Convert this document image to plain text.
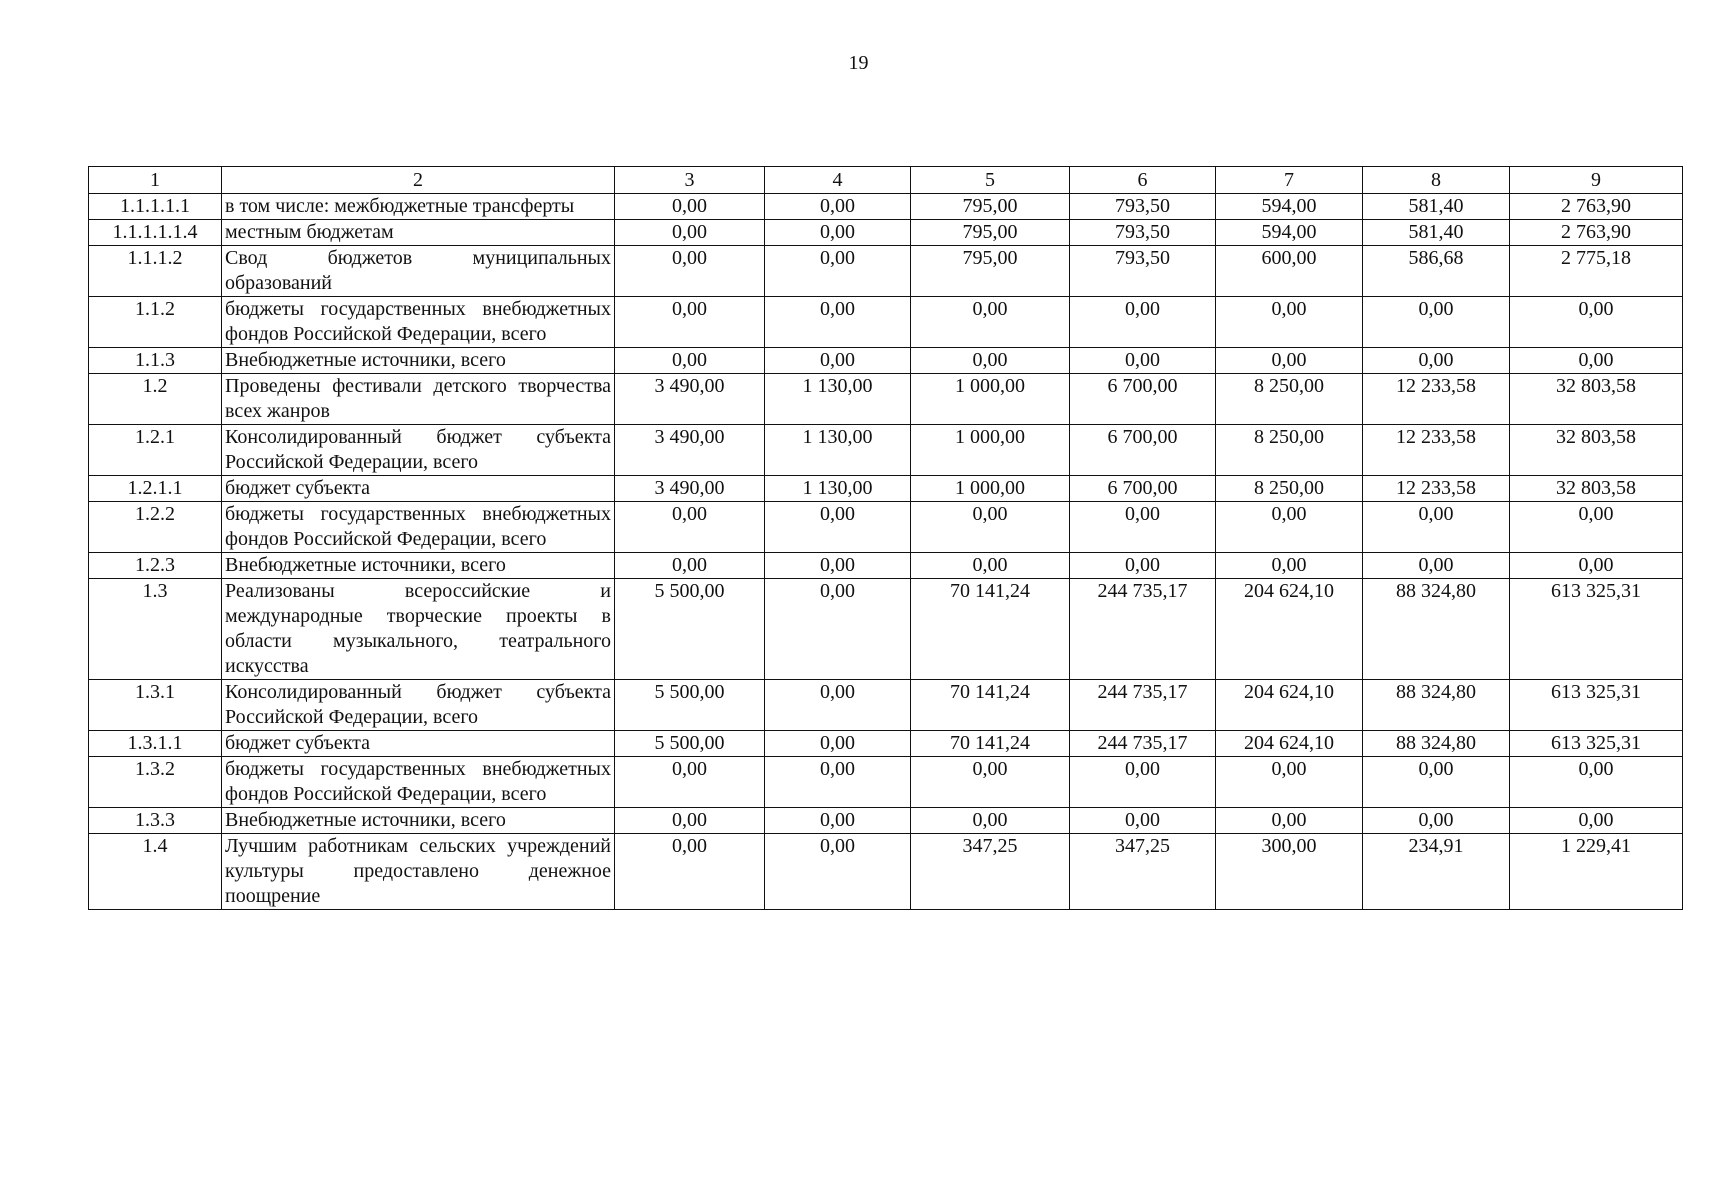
19
1	2	3	4	5	6	7	8	9
1.1.1.1.1	в том числе: межбюджетные трансферты	0,00	0,00	795,00	793,50	594,00	581,40	2 763,90
1.1.1.1.1.4	местным бюджетам	0,00	0,00	795,00	793,50	594,00	581,40	2 763,90
1.1.1.2	Свод бюджетов муниципальных образований	0,00	0,00	795,00	793,50	600,00	586,68	2 775,18
1.1.2	бюджеты государственных внебюджетных фондов Российской Федерации, всего	0,00	0,00	0,00	0,00	0,00	0,00	0,00
1.1.3	Внебюджетные источники, всего	0,00	0,00	0,00	0,00	0,00	0,00	0,00
1.2	Проведены фестивали детского творчества всех жанров	3 490,00	1 130,00	1 000,00	6 700,00	8 250,00	12 233,58	32 803,58
1.2.1	Консолидированный бюджет субъекта Российской Федерации, всего	3 490,00	1 130,00	1 000,00	6 700,00	8 250,00	12 233,58	32 803,58
1.2.1.1	бюджет субъекта	3 490,00	1 130,00	1 000,00	6 700,00	8 250,00	12 233,58	32 803,58
1.2.2	бюджеты государственных внебюджетных фондов Российской Федерации, всего	0,00	0,00	0,00	0,00	0,00	0,00	0,00
1.2.3	Внебюджетные источники, всего	0,00	0,00	0,00	0,00	0,00	0,00	0,00
1.3	Реализованы всероссийские и международные творческие проекты в области музыкального, театрального искусства	5 500,00	0,00	70 141,24	244 735,17	204 624,10	88 324,80	613 325,31
1.3.1	Консолидированный бюджет субъекта Российской Федерации, всего	5 500,00	0,00	70 141,24	244 735,17	204 624,10	88 324,80	613 325,31
1.3.1.1	бюджет субъекта	5 500,00	0,00	70 141,24	244 735,17	204 624,10	88 324,80	613 325,31
1.3.2	бюджеты государственных внебюджетных фондов Российской Федерации, всего	0,00	0,00	0,00	0,00	0,00	0,00	0,00
1.3.3	Внебюджетные источники, всего	0,00	0,00	0,00	0,00	0,00	0,00	0,00
1.4	Лучшим работникам сельских учреждений культуры предоставлено денежное поощрение	0,00	0,00	347,25	347,25	300,00	234,91	1 229,41
